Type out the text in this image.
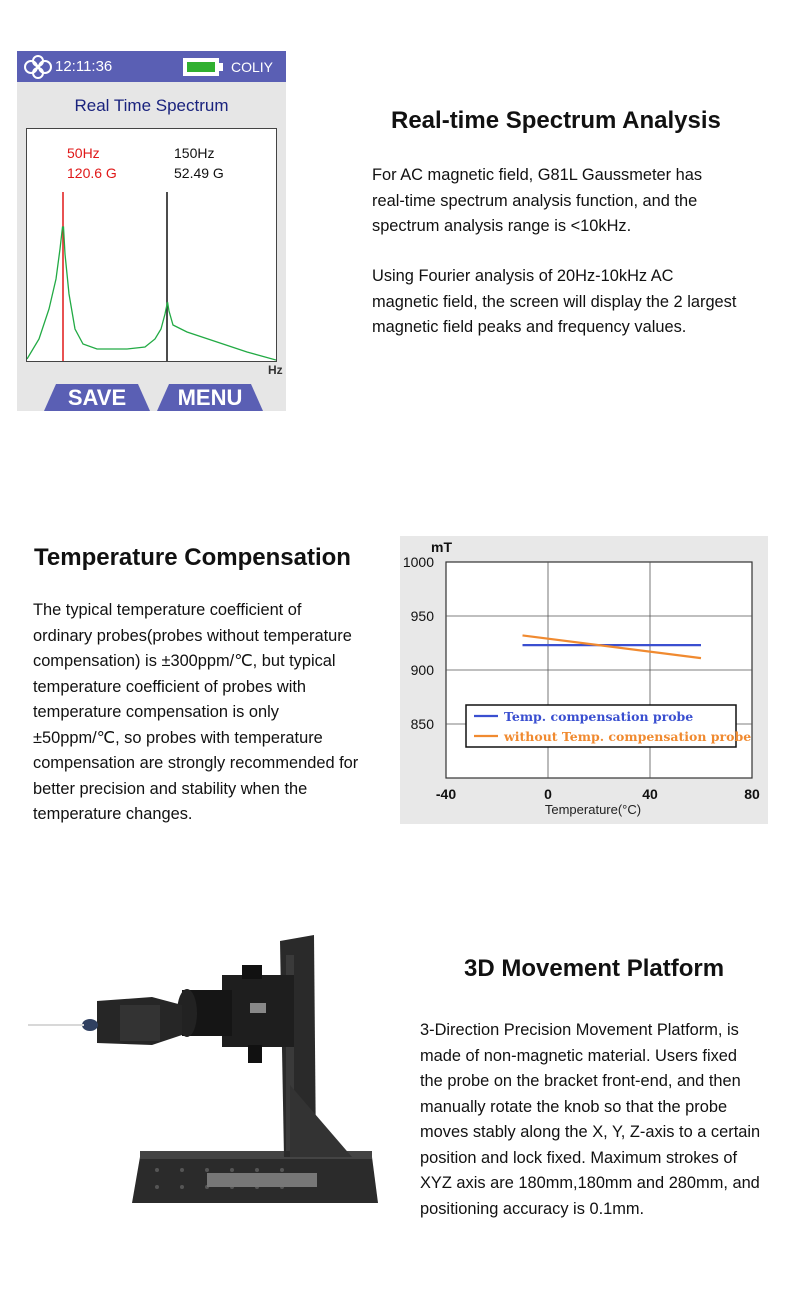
12:11:36	COLIY
Real Time Spectrum
50Hz
120.6 G
150Hz
52.49 G
Hz
SAVE MENU
Real-time Spectrum Analysis
For AC magnetic field, G81L Gaussmeter has
real-time spectrum analysis function, and the
spectrum analysis range is <10kHz.
Using Fourier analysis of 20Hz-10kHz AC
magnetic field, the screen will display the 2 largest
magnetic field peaks and frequency values.
Temperature Compensation
The typical temperature coefficient of
ordinary probes(probes without temperature
compensation) is ±300ppm/℃, but typical
temperature coefficient of probes with
temperature compensation is only
±50ppm/℃, so probes with temperature
compensation are strongly recommended for
better precision and stability when the
temperature changes.
-40	0	40	80
1000
950
900
850
mT
Temperature(°C)
Temp. compensation probe
without Temp. compensation probe
3D Movement Platform
3-Direction Precision Movement Platform, is
made of non-magnetic material. Users fixed
the probe on the bracket front-end, and then
manually rotate the knob so that the probe
moves stably along the X, Y, Z-axis to a certain
position and lock fixed. Maximum strokes of
XYZ axis are 180mm,180mm and 280mm, and
positioning accuracy is 0.1mm.
